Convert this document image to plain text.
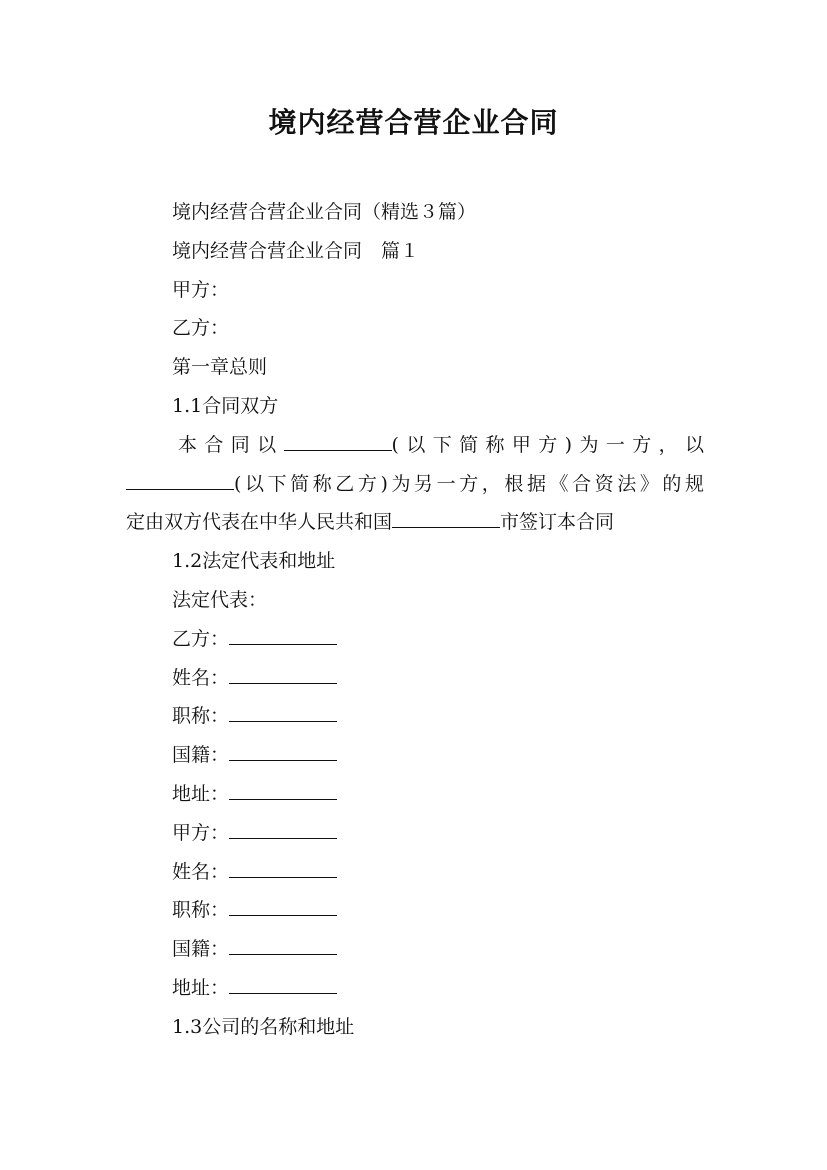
境内经营合营企业合同
境内经营合营企业合同（精选３篇）
境内经营合营企业合同　篇１
甲方：
乙方：
第一章总则
1.1合同双方
本合同以	(以下简称甲方)为一方，以
(以下简称乙方)为另一方，根据《合资法》的规
定由双方代表在中华人民共和国	市签订本合同
1.2法定代表和地址
法定代表：
乙方：
姓名：
职称：
国籍：
地址：
甲方：
姓名：
职称：
国籍：
地址：
1.3公司的名称和地址
